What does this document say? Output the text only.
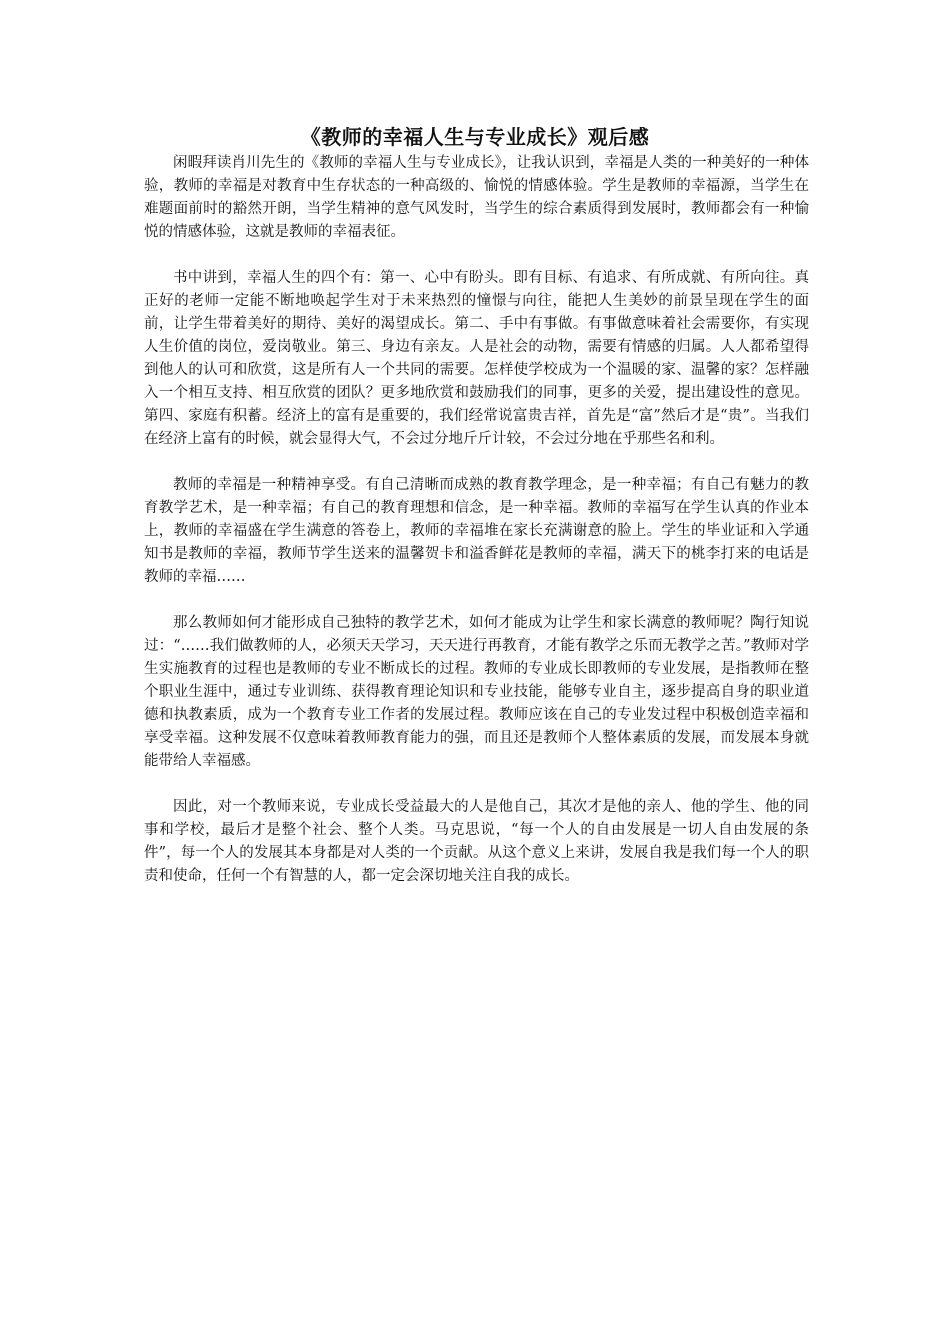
《教师的幸福人生与专业成长》观后感

闲暇拜读肖川先生的《教师的幸福人生与专业成长》，让我认识到，幸福是人类的一种美好的一种体验，教师的幸福是对教育中生存状态的一种高级的、愉悦的情感体验。学生是教师的幸福源，当学生在难题面前时的豁然开朗，当学生精神的意气风发时，当学生的综合素质得到发展时，教师都会有一种愉悦的情感体验，这就是教师的幸福表征。

书中讲到，幸福人生的四个有：第一、心中有盼头。即有目标、有追求、有所成就、有所向往。真正好的老师一定能不断地唤起学生对于未来热烈的憧憬与向往，能把人生美妙的前景呈现在学生的面前，让学生带着美好的期待、美好的渴望成长。第二、手中有事做。有事做意味着社会需要你，有实现人生价值的岗位，爱岗敬业。第三、身边有亲友。人是社会的动物，需要有情感的归属。人人都希望得到他人的认可和欣赏，这是所有人一个共同的需要。怎样使学校成为一个温暖的家、温馨的家？怎样融入一个相互支持、相互欣赏的团队？更多地欣赏和鼓励我们的同事，更多的关爱，提出建设性的意见。第四、家庭有积蓄。经济上的富有是重要的，我们经常说富贵吉祥，首先是“富”然后才是“贵”。当我们在经济上富有的时候，就会显得大气，不会过分地斤斤计较，不会过分地在乎那些名和利。

教师的幸福是一种精神享受。有自己清晰而成熟的教育教学理念，是一种幸福；有自己有魅力的教育教学艺术，是一种幸福；有自己的教育理想和信念，是一种幸福。教师的幸福写在学生认真的作业本上，教师的幸福盛在学生满意的答卷上，教师的幸福堆在家长充满谢意的脸上。学生的毕业证和入学通知书是教师的幸福，教师节学生送来的温馨贺卡和溢香鲜花是教师的幸福，满天下的桃李打来的电话是教师的幸福……

那么教师如何才能形成自己独特的教学艺术，如何才能成为让学生和家长满意的教师呢？陶行知说过：“……我们做教师的人，必须天天学习，天天进行再教育，才能有教学之乐而无教学之苦。”教师对学生实施教育的过程也是教师的专业不断成长的过程。教师的专业成长即教师的专业发展，是指教师在整个职业生涯中，通过专业训练、获得教育理论知识和专业技能，能够专业自主，逐步提高自身的职业道德和执教素质，成为一个教育专业工作者的发展过程。教师应该在自己的专业发过程中积极创造幸福和享受幸福。这种发展不仅意味着教师教育能力的强，而且还是教师个人整体素质的发展，而发展本身就能带给人幸福感。

因此，对一个教师来说，专业成长受益最大的人是他自己，其次才是他的亲人、他的学生、他的同事和学校，最后才是整个社会、整个人类。马克思说，“每一个人的自由发展是一切人自由发展的条件”，每一个人的发展其本身都是对人类的一个贡献。从这个意义上来讲，发展自我是我们每一个人的职责和使命，任何一个有智慧的人，都一定会深切地关注自我的成长。
